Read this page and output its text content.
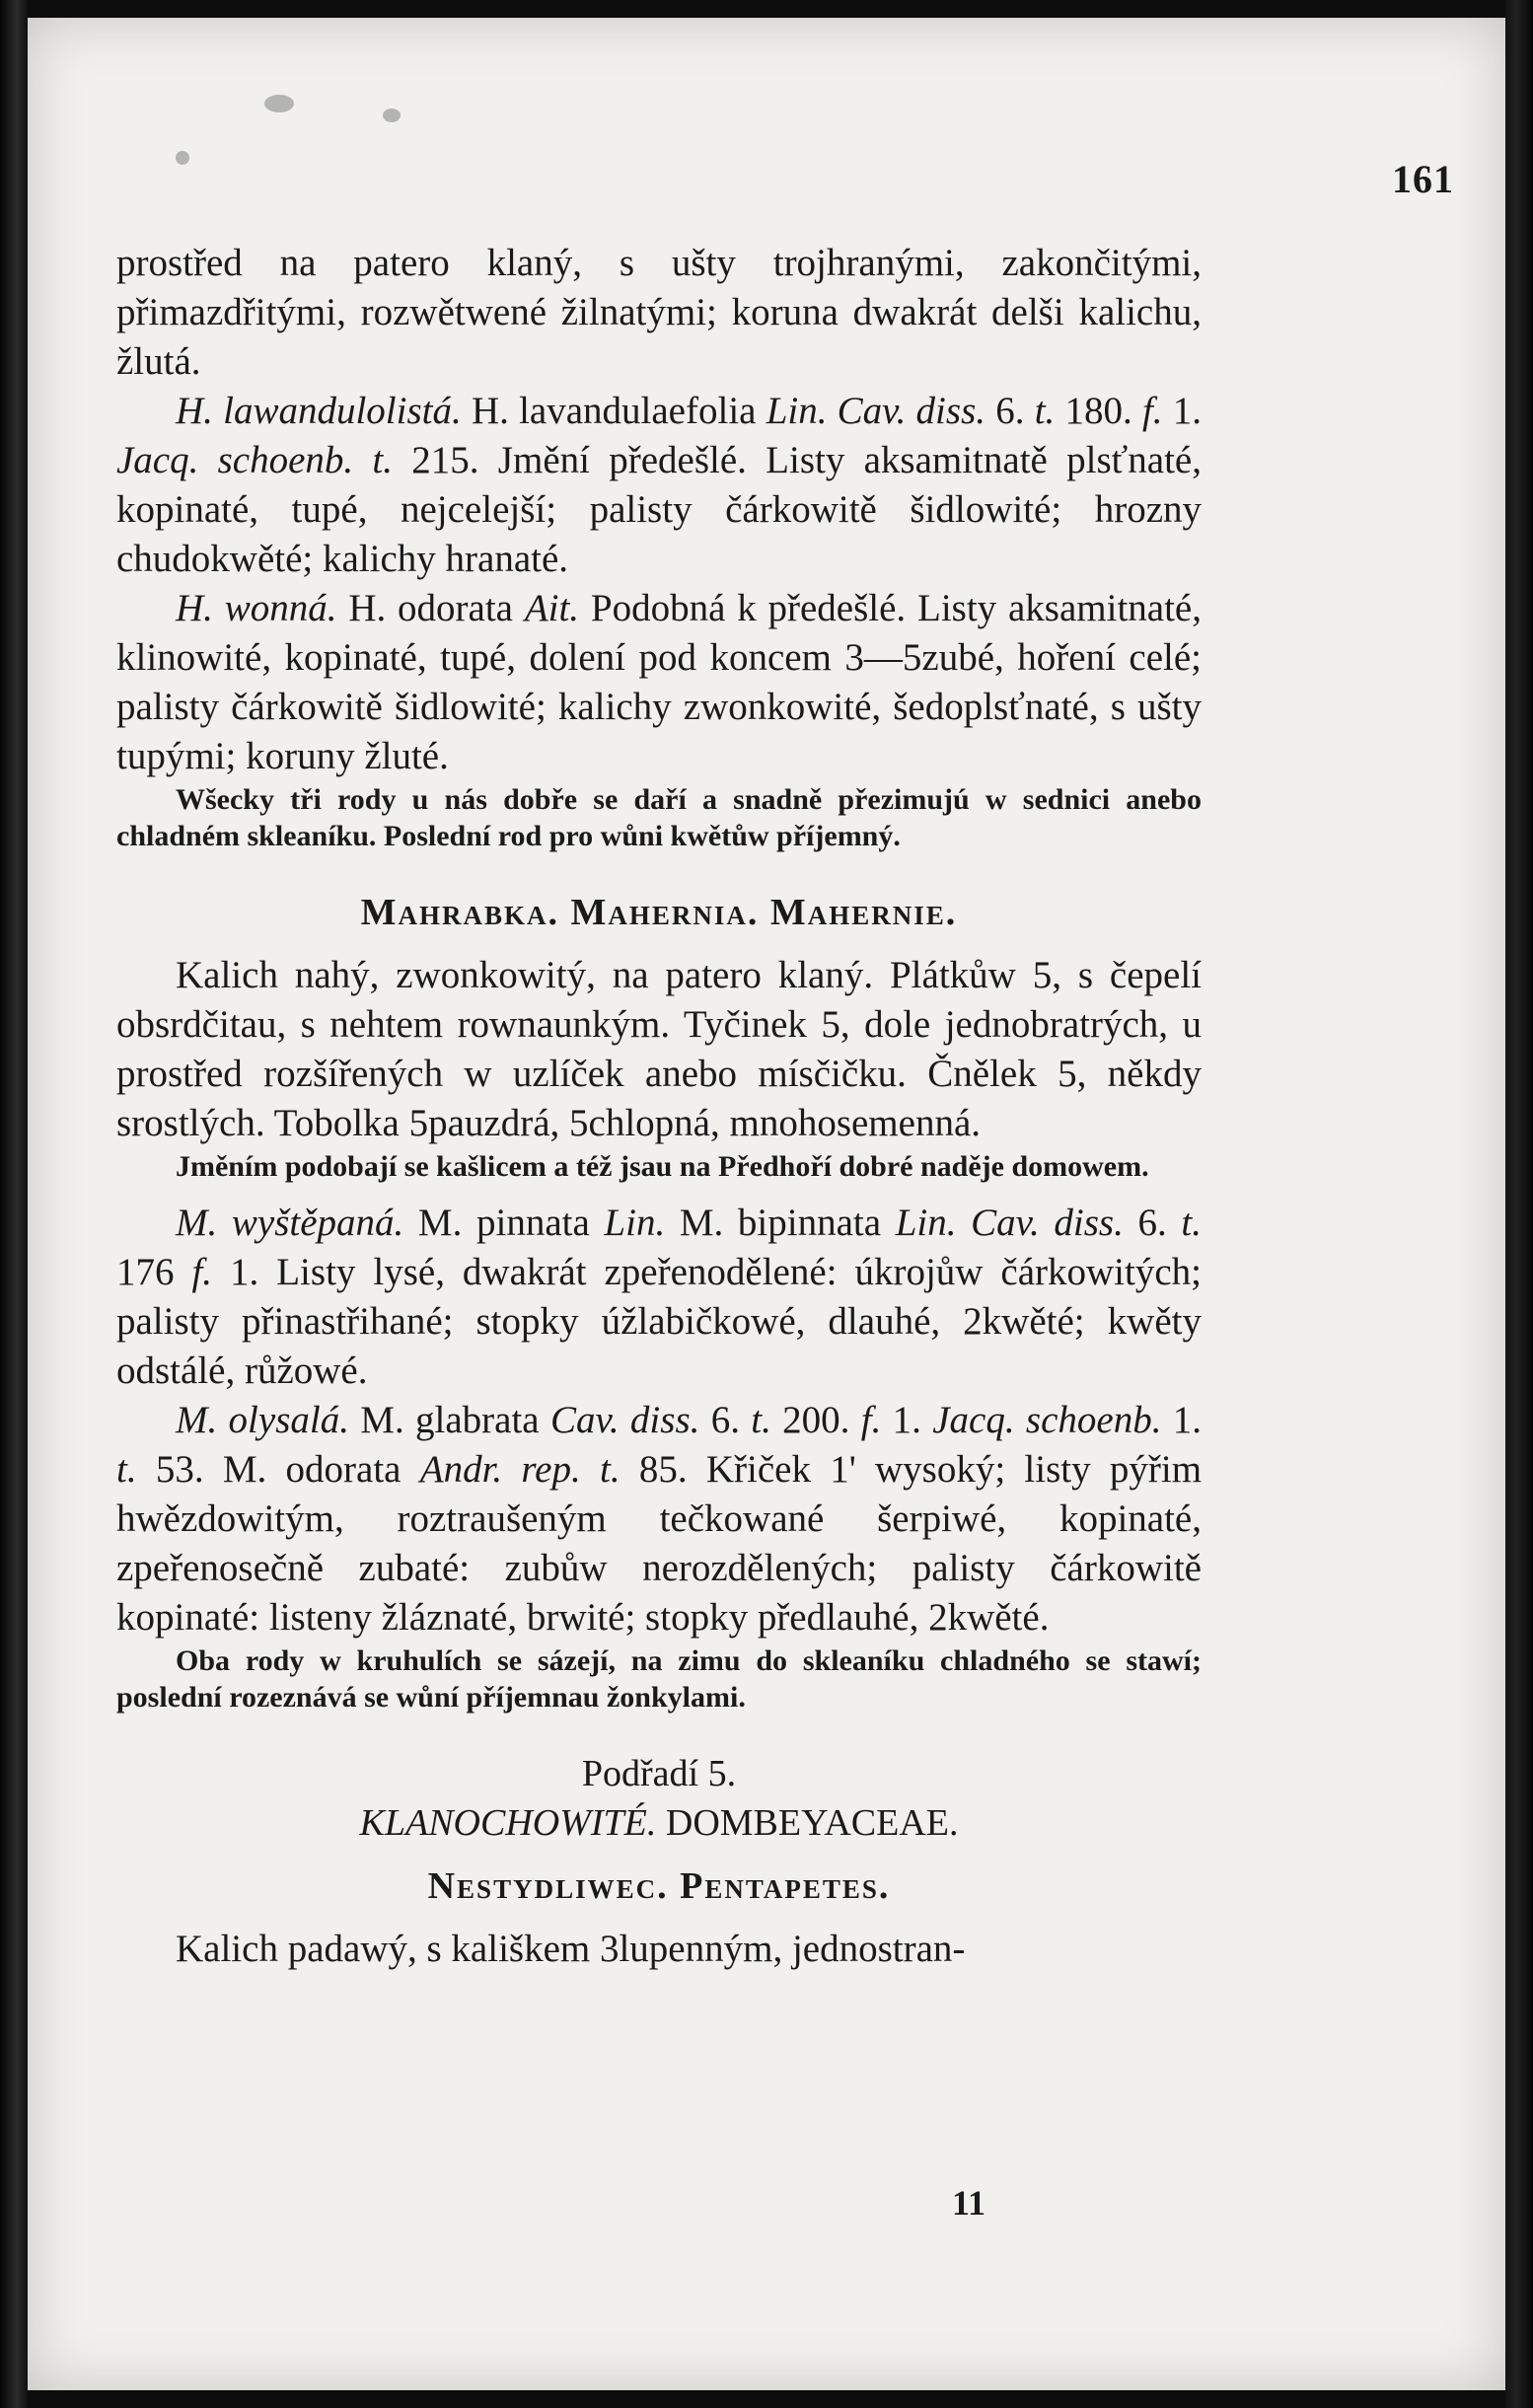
161
prostřed na patero klaný, s ušty trojhranými, zakončitými, přimazdřitými, rozwětwené žilnatými; koruna dwakrát delši kalichu, žlutá.
H. lawandulolistá. H. lavandulaefolia Lin. Cav. diss. 6. t. 180. f. 1. Jacq. schoenb. t. 215. Jmění předešlé. Listy aksamitnatě plsťnaté, kopinaté, tupé, nejcelejší; palisty čárkowitě šidlowité; hrozny chudokwěté; kalichy hranaté.
H. wonná. H. odorata Ait. Podobná k předešlé. Listy aksamitnaté, klinowité, kopinaté, tupé, dolení pod koncem 3—5zubé, hoření celé; palisty čárkowitě šidlowité; kalichy zwonkowité, šedoplsťnaté, s ušty tupými; koruny žluté.
Wšecky tři rody u nás dobře se daří a snadně přezimujú w sednici anebo chladném skleaníku. Poslední rod pro wůni kwětůw příjemný.
Mahrabka. Mahernia. Mahernie.
Kalich nahý, zwonkowitý, na patero klaný. Plátkůw 5, s čepelí obsrdčitau, s nehtem rownaunkým. Tyčinek 5, dole jednobratrých, u prostřed rozšířených w uzlíček anebo mísčičku. Čnělek 5, někdy srostlých. Tobolka 5pauzdrá, 5chlopná, mnohosemenná.
Jměním podobají se kašlicem a též jsau na Předhoří dobré naděje domowem.
M. wyštěpaná. M. pinnata Lin. M. bipinnata Lin. Cav. diss. 6. t. 176 f. 1. Listy lysé, dwakrát zpeřenodělené: úkrojůw čárkowitých; palisty přinastřihané; stopky úžlabičkowé, dlauhé, 2kwěté; kwěty odstálé, růžowé.
M. olysalá. M. glabrata Cav. diss. 6. t. 200. f. 1. Jacq. schoenb. 1. t. 53. M. odorata Andr. rep. t. 85. Křiček 1' wysoký; listy pýřim hwězdowitým, roztraušeným tečkowané šerpiwé, kopinaté, zpeřenosečně zubaté: zubůw nerozdělených; palisty čárkowitě kopinaté: listeny žláznaté, brwité; stopky předlauhé, 2kwěté.
Oba rody w kruhulích se sázejí, na zimu do skleaníku chladného se stawí; poslední rozeznává se wůní příjemnau žonkylami.
Podřadí 5.
KLANOCHOWITÉ. DOMBEYACEAE.
Nestydliwec. Pentapetes.
Kalich padawý, s kališkem 3lupenným, jednostran-
11
